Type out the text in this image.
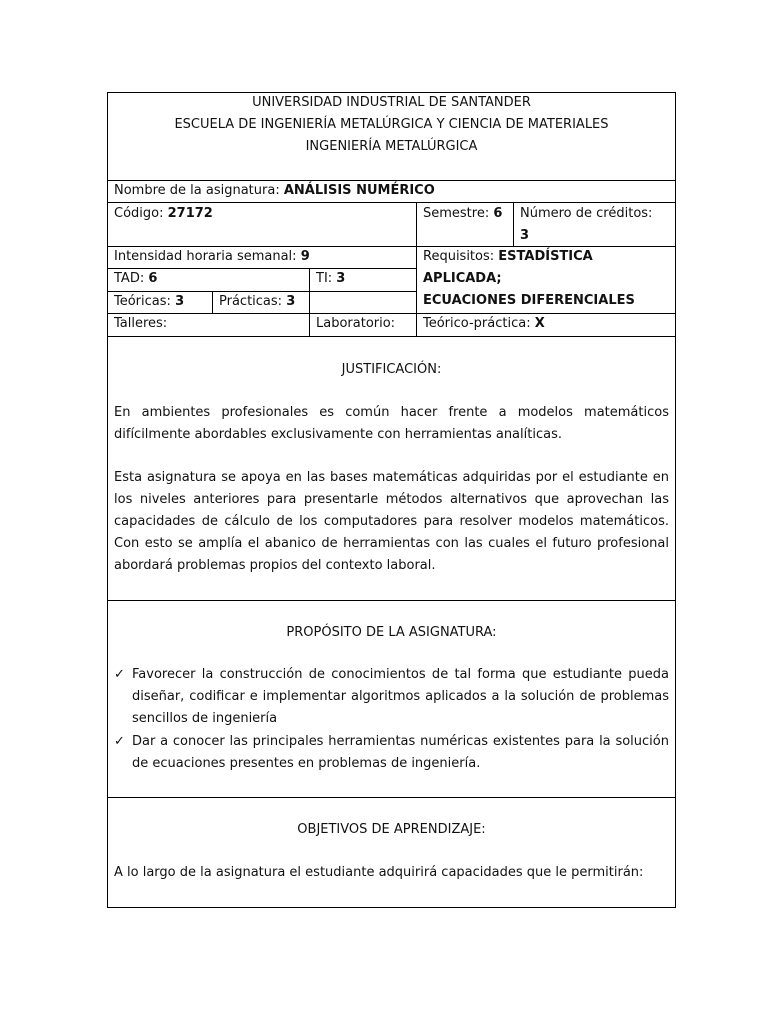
UNIVERSIDAD INDUSTRIAL DE SANTANDER
ESCUELA DE INGENIERÍA METALÚRGICA Y CIENCIA DE MATERIALES
INGENIERÍA METALÚRGICA
Nombre de la asignatura: ANÁLISIS NUMÉRICO
Código: 27172	Semestre: 6	Número de créditos:
3
Intensidad horaria semanal: 9	Requisitos: ESTADÍSTICA APLICADA;
ECUACIONES DIFERENCIALES
TAD: 6	TI: 3
Teóricas: 3	Prácticas: 3
Talleres:	Laboratorio:	Teórico-práctica: X
JUSTIFICACIÓN:
En ambientes profesionales es común hacer frente a modelos matemáticos
difícilmente abordables exclusivamente con herramientas analíticas.
Esta asignatura se apoya en las bases matemáticas adquiridas por el estudiante en
los niveles anteriores para presentarle métodos alternativos que aprovechan las
capacidades de cálculo de los computadores para resolver modelos matemáticos.
Con esto se amplía el abanico de herramientas con las cuales el futuro profesional
abordará problemas propios del contexto laboral.
PROPÓSITO DE LA ASIGNATURA:
✓ Favorecer la construcción de conocimientos de tal forma que estudiante pueda
diseñar, codificar e implementar algoritmos aplicados a la solución de problemas
sencillos de ingeniería
✓ Dar a conocer las principales herramientas numéricas existentes para la solución
de ecuaciones presentes en problemas de ingeniería.
OBJETIVOS DE APRENDIZAJE:
A lo largo de la asignatura el estudiante adquirirá capacidades que le permitirán:
